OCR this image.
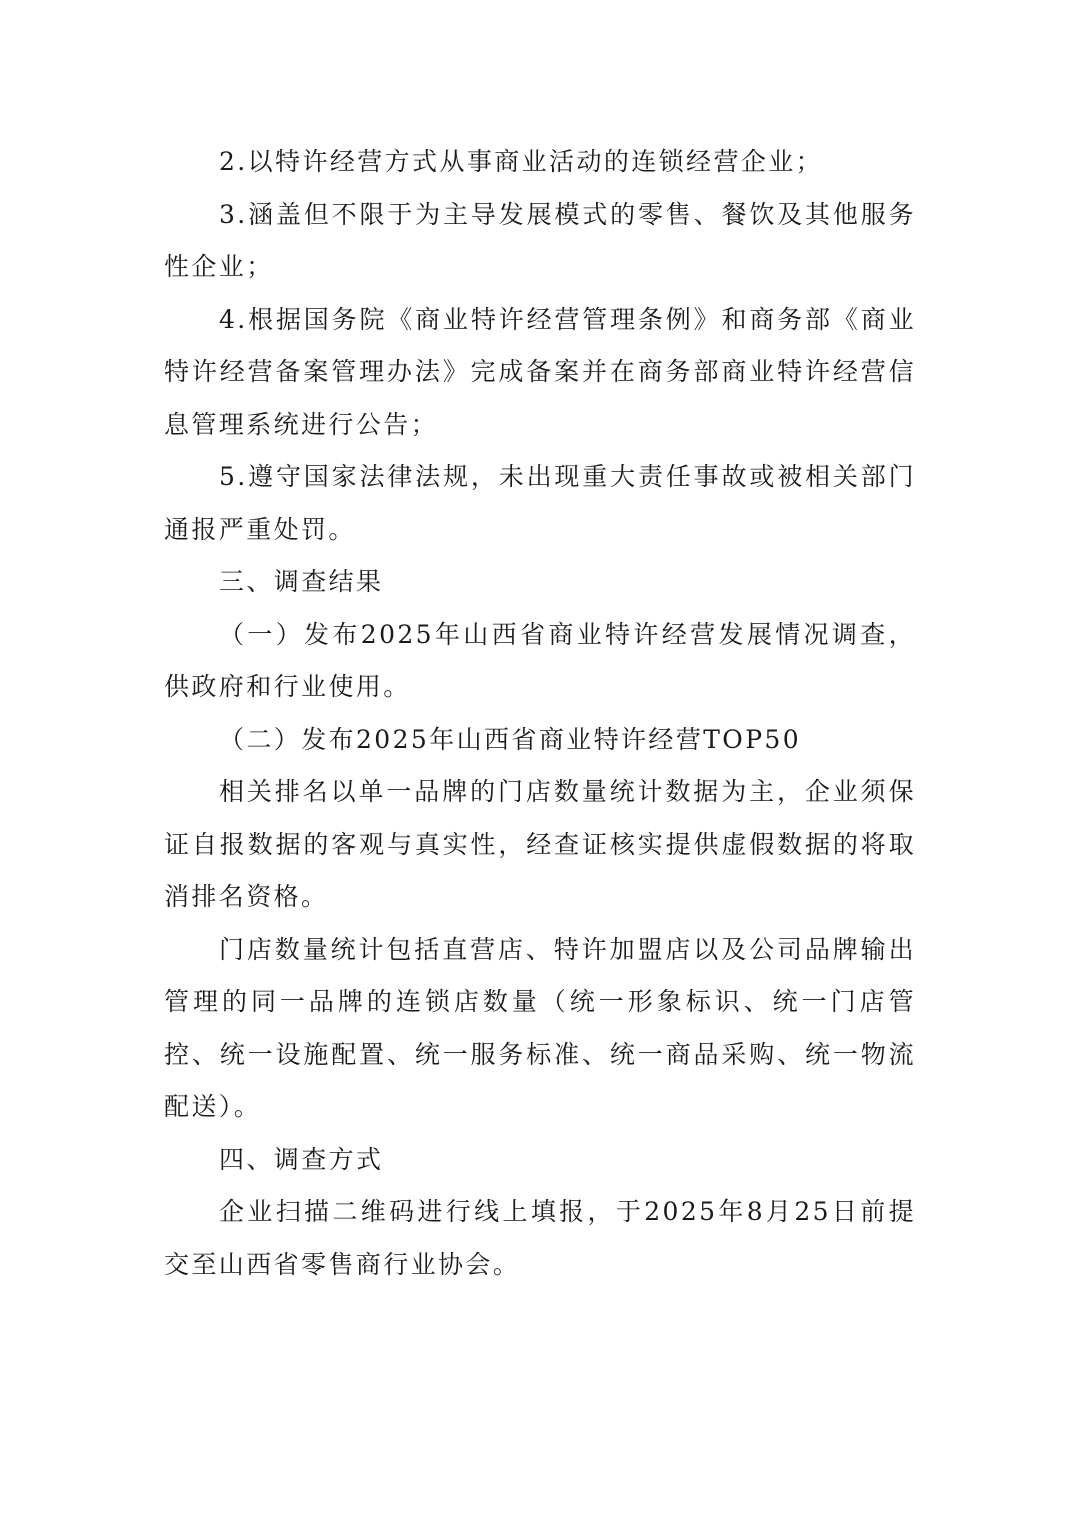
2.以特许经营方式从事商业活动的连锁经营企业；

3.涵盖但不限于为主导发展模式的零售、餐饮及其他服务性企业；

4.根据国务院《商业特许经营管理条例》和商务部《商业特许经营备案管理办法》完成备案并在商务部商业特许经营信息管理系统进行公告；

5.遵守国家法律法规，未出现重大责任事故或被相关部门通报严重处罚。

三、调查结果

（一）发布2025年山西省商业特许经营发展情况调查，供政府和行业使用。

（二）发布2025年山西省商业特许经营TOP50

相关排名以单一品牌的门店数量统计数据为主，企业须保证自报数据的客观与真实性，经查证核实提供虚假数据的将取消排名资格。

门店数量统计包括直营店、特许加盟店以及公司品牌输出管理的同一品牌的连锁店数量（统一形象标识、统一门店管控、统一设施配置、统一服务标准、统一商品采购、统一物流配送）。

四、调查方式

企业扫描二维码进行线上填报，于2025年8月25日前提交至山西省零售商行业协会。
